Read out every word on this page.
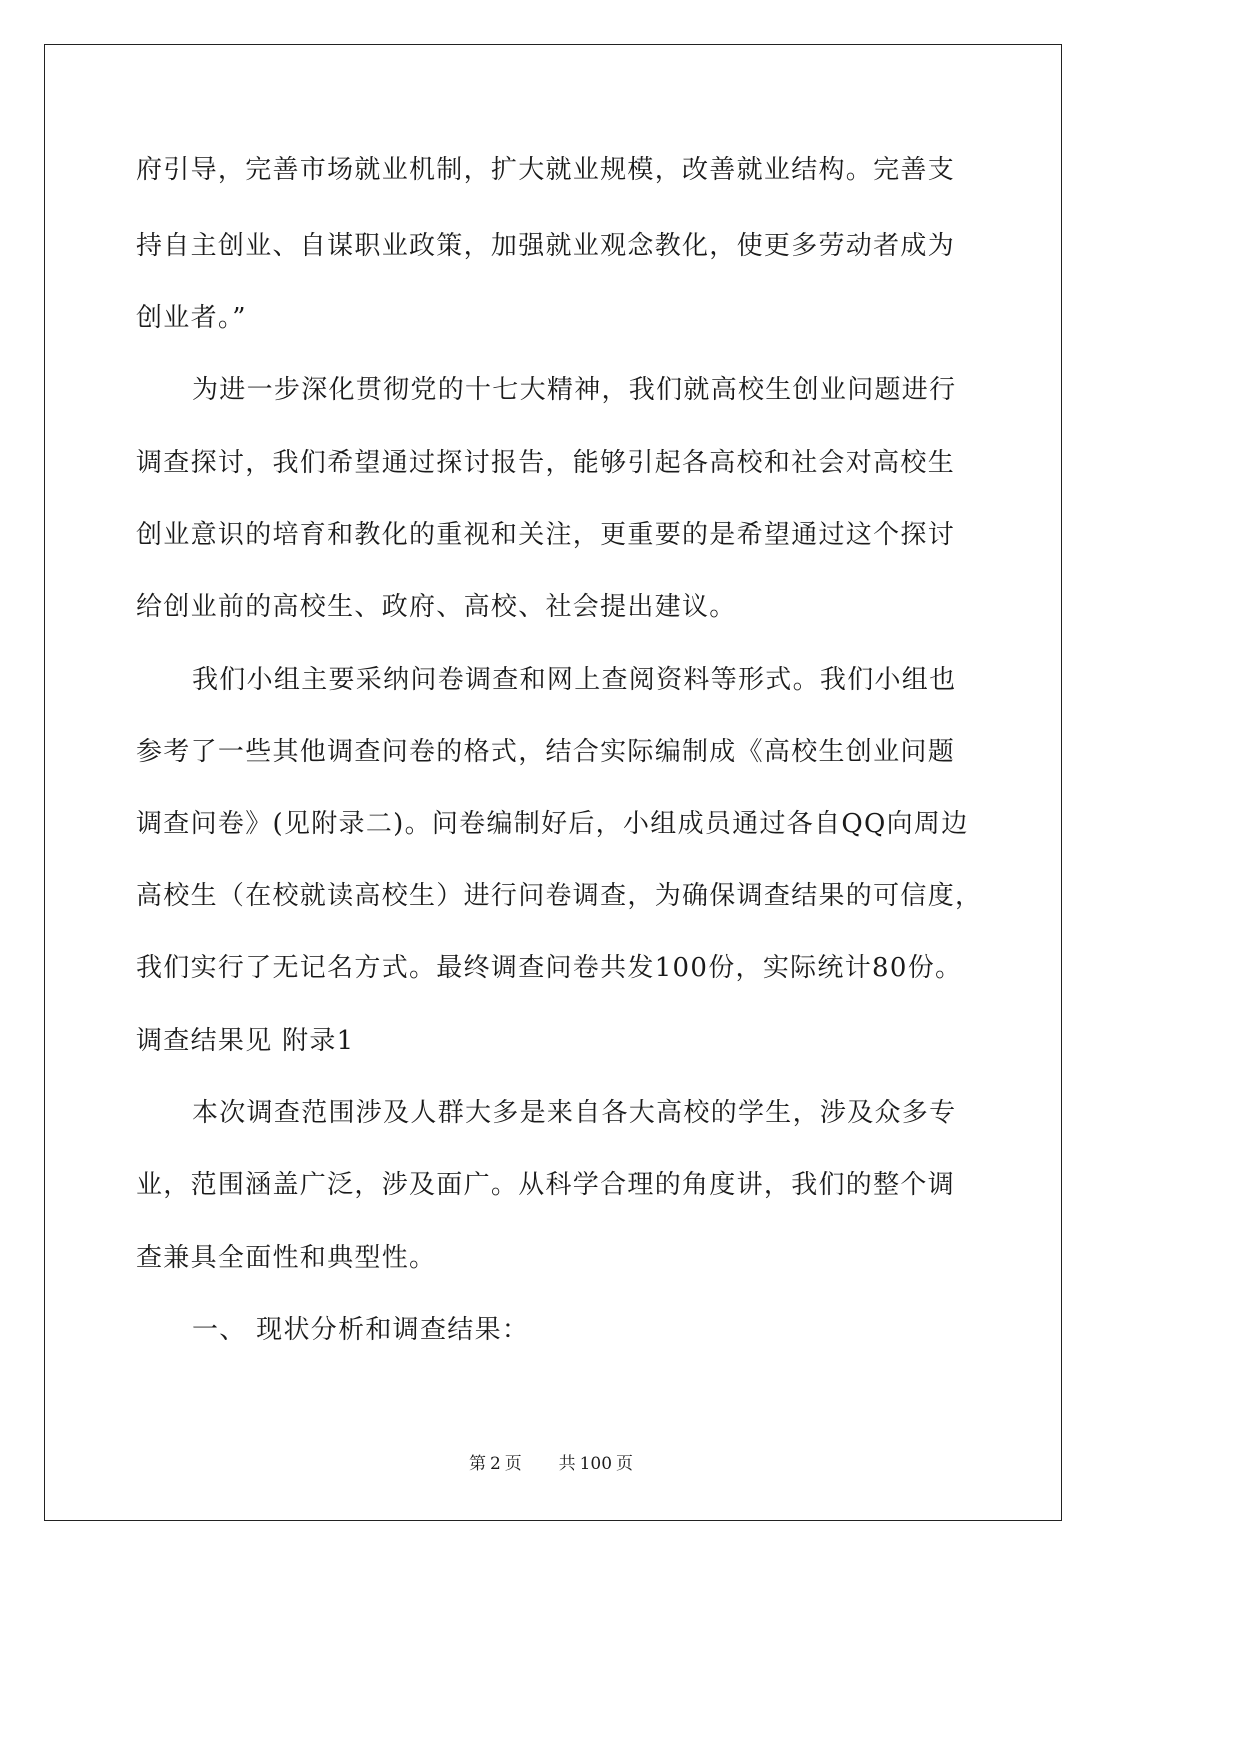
府引导，完善市场就业机制，扩大就业规模，改善就业结构。完善支
持自主创业、自谋职业政策，加强就业观念教化，使更多劳动者成为
创业者。”
为进一步深化贯彻党的十七大精神，我们就高校生创业问题进行
调查探讨，我们希望通过探讨报告，能够引起各高校和社会对高校生
创业意识的培育和教化的重视和关注，更重要的是希望通过这个探讨
给创业前的高校生、政府、高校、社会提出建议。
我们小组主要采纳问卷调查和网上查阅资料等形式。我们小组也
参考了一些其他调查问卷的格式，结合实际编制成《高校生创业问题
调查问卷》(见附录二)。问卷编制好后，小组成员通过各自QQ向周边
高校生（在校就读高校生）进行问卷调查，为确保调查结果的可信度，
我们实行了无记名方式。最终调查问卷共发100份，实际统计80份。
调查结果见 附录1
本次调查范围涉及人群大多是来自各大高校的学生，涉及众多专
业，范围涵盖广泛，涉及面广。从科学合理的角度讲，我们的整个调
查兼具全面性和典型性。
一、 现状分析和调查结果：
第 2 页 共 100 页
